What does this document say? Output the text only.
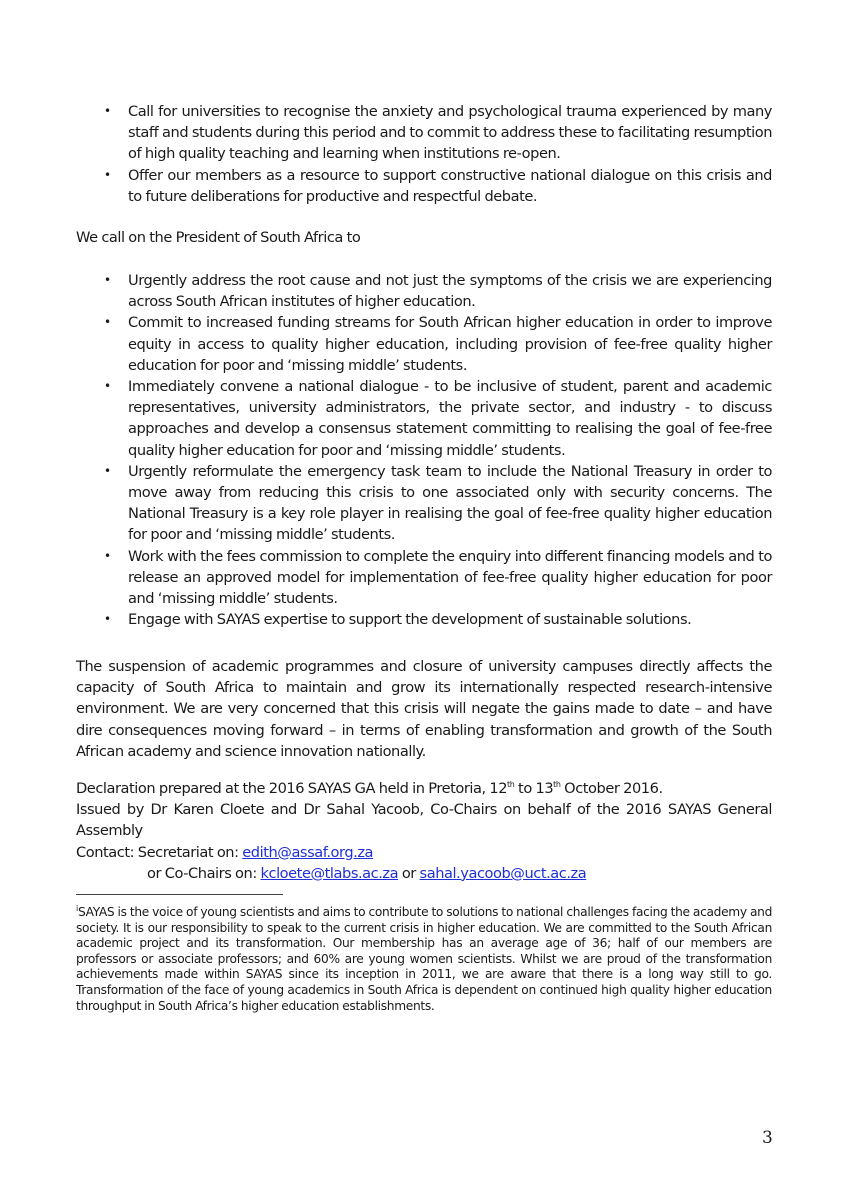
• Call for universities to recognise the anxiety and psychological trauma experienced by many staff and students during this period and to commit to address these to facilitating resumption of high quality teaching and learning when institutions re-open.
• Offer our members as a resource to support constructive national dialogue on this crisis and to future deliberations for productive and respectful debate.
We call on the President of South Africa to
• Urgently address the root cause and not just the symptoms of the crisis we are experiencing across South African institutes of higher education.
• Commit to increased funding streams for South African higher education in order to improve equity in access to quality higher education, including provision of fee-free quality higher education for poor and ‘missing middle’ students.
• Immediately convene a national dialogue - to be inclusive of student, parent and academic representatives, university administrators, the private sector, and industry - to discuss approaches and develop a consensus statement committing to realising the goal of fee-free quality higher education for poor and ‘missing middle’ students.
• Urgently reformulate the emergency task team to include the National Treasury in order to move away from reducing this crisis to one associated only with security concerns. The National Treasury is a key role player in realising the goal of fee-free quality higher education for poor and ‘missing middle’ students.
• Work with the fees commission to complete the enquiry into different financing models and to release an approved model for implementation of fee-free quality higher education for poor and ‘missing middle’ students.
• Engage with SAYAS expertise to support the development of sustainable solutions.
The suspension of academic programmes and closure of university campuses directly affects the capacity of South Africa to maintain and grow its internationally respected research-intensive environment. We are very concerned that this crisis will negate the gains made to date – and have dire consequences moving forward – in terms of enabling transformation and growth of the South African academy and science innovation nationally.
Declaration prepared at the 2016 SAYAS GA held in Pretoria, 12th to 13th October 2016.
Issued by Dr Karen Cloete and Dr Sahal Yacoob, Co-Chairs on behalf of the 2016 SAYAS General Assembly
Contact: Secretariat on: edith@assaf.org.za
or Co-Chairs on: kcloete@tlabs.ac.za or sahal.yacoob@uct.ac.za
$^i$SAYAS is the voice of young scientists and aims to contribute to solutions to national challenges facing the academy and society. It is our responsibility to speak to the current crisis in higher education. We are committed to the South African academic project and its transformation. Our membership has an average age of 36; half of our members are professors or associate professors; and 60% are young women scientists. Whilst we are proud of the transformation achievements made within SAYAS since its inception in 2011, we are aware that there is a long way still to go. Transformation of the face of young academics in South Africa is dependent on continued high quality higher education throughput in South Africa’s higher education establishments.
3
